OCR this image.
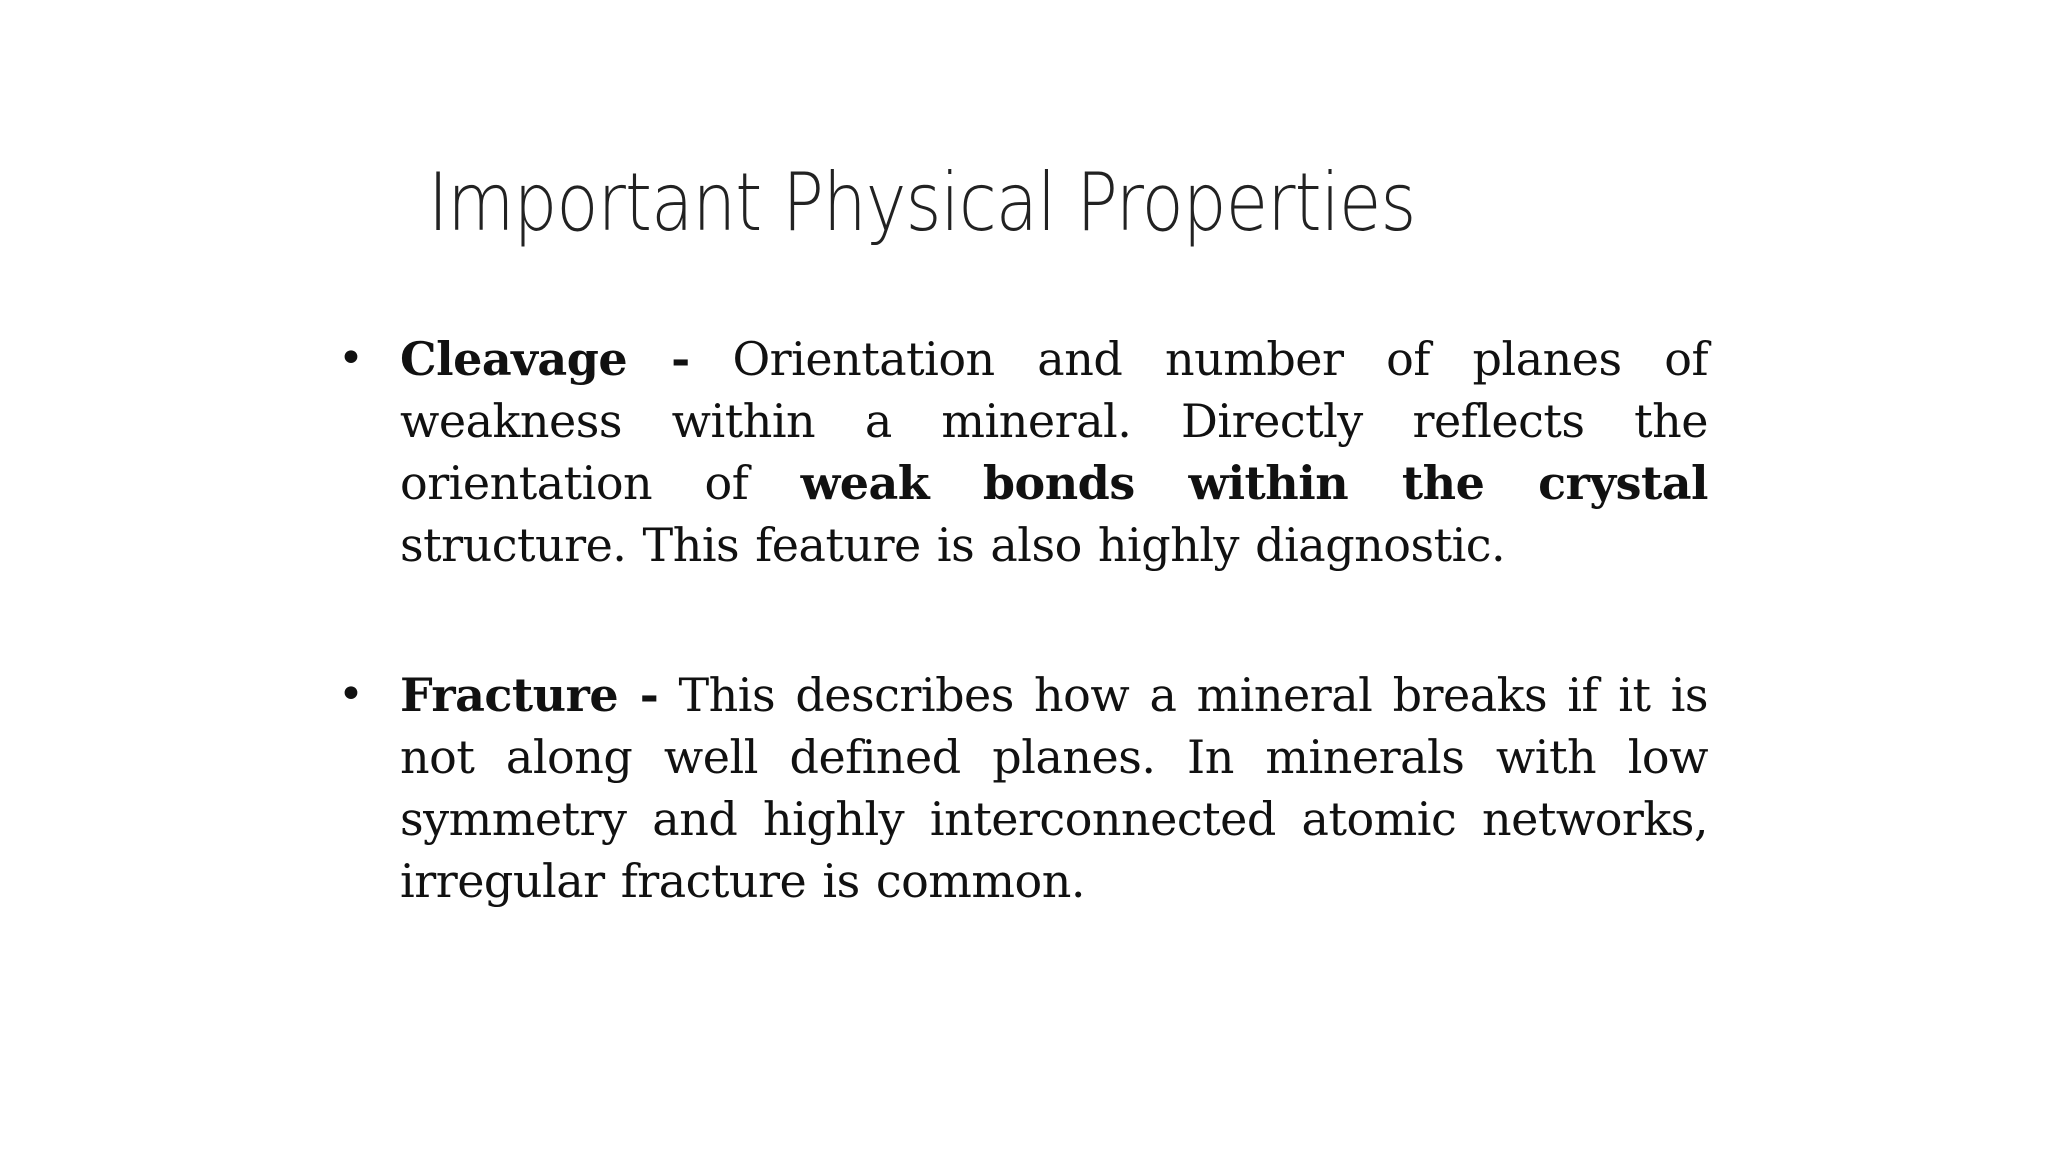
Important Physical Properties
• Cleavage - Orientation and number of planes of weakness within a mineral. Directly reflects the orientation of weak bonds within the crystal structure. This feature is also highly diagnostic.
• Fracture - This describes how a mineral breaks if it is not along well defined planes. In minerals with low symmetry and highly interconnected atomic networks, irregular fracture is common.
